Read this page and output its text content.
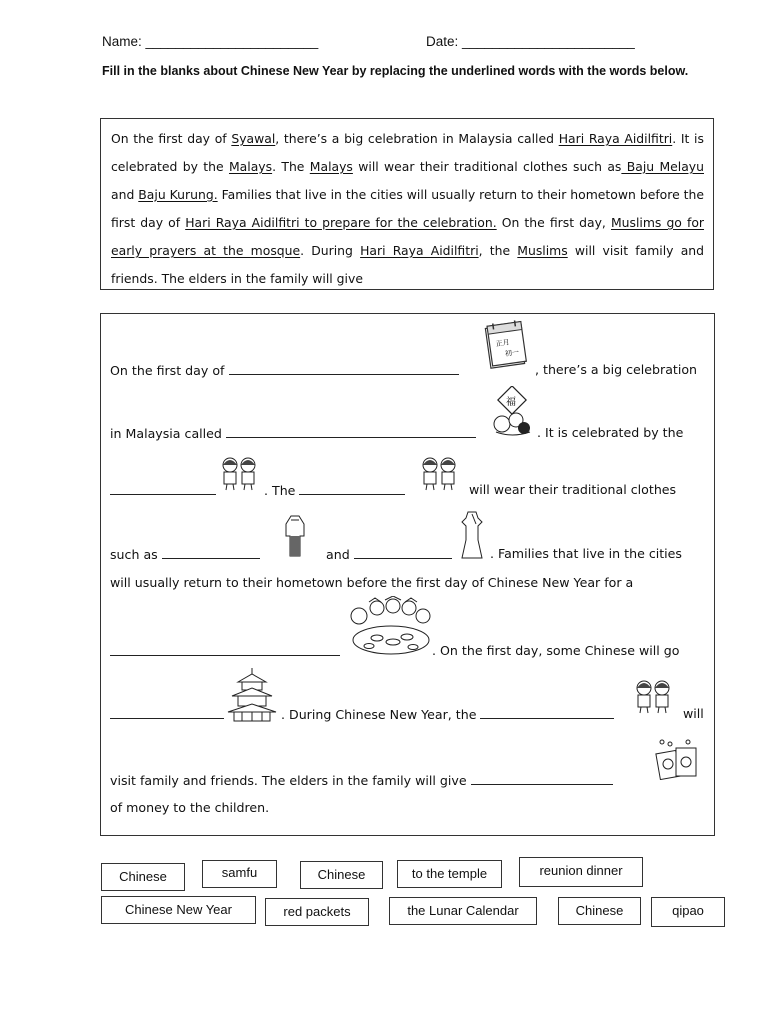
Name: _______________________	Date: _______________________
Fill in the blanks about Chinese New Year by replacing the underlined words with the words below.
On the first day of Syawal, there’s a big celebration in Malaysia called Hari Raya Aidilfitri. It is celebrated by the Malays. The Malays will wear their traditional clothes such as Baju Melayu and Baju Kurung. Families that live in the cities will usually return to their hometown before the first day of Hari Raya Aidilfitri to prepare for the celebration. On the first day, Muslims go for early prayers at the mosque. During Hari Raya Aidilfitri, the Muslims will visit family and friends. The elders in the family will give
On the first day of	, there’s a big celebration
正月
初一
in Malaysia called	. It is celebrated by the
福
. The	will wear their traditional clothes
such as	and	. Families that live in the cities
will usually return to their hometown before the first day of Chinese New Year for a
. On the first day, some Chinese will go
. During Chinese New Year, the	will
visit family and friends. The elders in the family will give
of money to the children.
Chinese	samfu	Chinese	to the temple	reunion dinner
Chinese New Year	red packets	the Lunar Calendar	Chinese	qipao
